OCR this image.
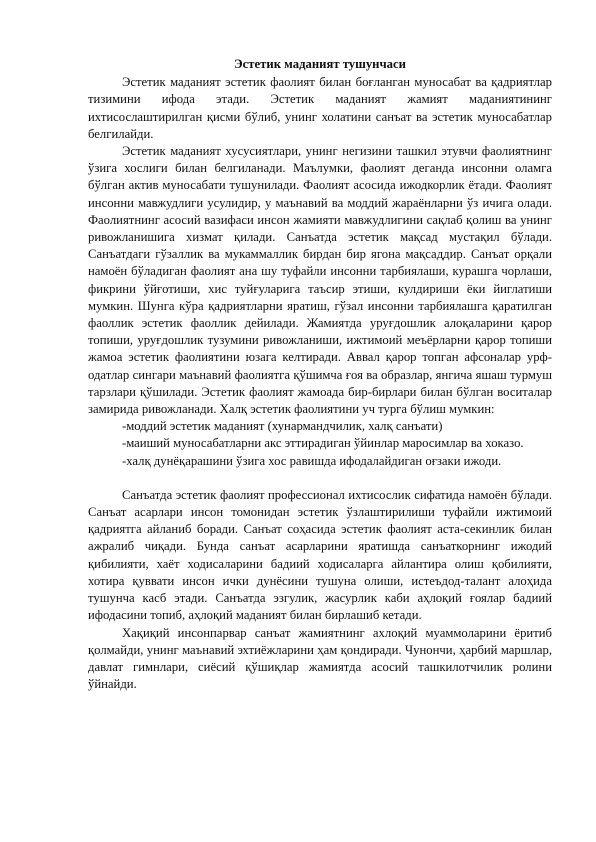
Эстетик маданият тушунчаси

Эстетик маданият эстетик фаолият билан боғланган муносабат ва қадриятлар тизимини ифода этади. Эстетик маданият жамият маданиятининг ихтисослаштирилган қисми бўлиб, унинг холатини санъат ва эстетик муносабатлар белгилайди.

Эстетик маданият хусусиятлари, унинг негизини ташкил этувчи фаолиятнинг ўзига хослиги билан белгиланади. Маълумки, фаолият деганда инсонни оламга бўлган актив муносабати тушунилади. Фаолият асосида ижодкорлик ётади. Фаолият инсонни мавжудлиги усулидир, у маънавий ва моддий жараёнларни ўз ичига олади. Фаолиятнинг асосий вазифаси инсон жамияти мавжудлигини сақлаб қолиш ва унинг ривожланишига хизмат қилади. Санъатда эстетик мақсад мустақил бўлади. Санъатдаги гўзаллик ва мукаммаллик бирдан бир ягона мақсаддир. Санъат орқали намоён бўладиган фаолият ана шу туфайли инсонни тарбиялаши, курашга чорлаши, фикрини ўйғотиши, хис туйғуларига таъсир этиши, кулдириши ёки йиглатиши мумкин. Шунга кўра қадриятларни яратиш, гўзал инсонни тарбиялашга қаратилган фаоллик эстетик фаоллик дейилади. Жамиятда уруғдошлик алоқаларини қарор топиши, уруғдошлик тузумини ривожланиши, ижтимоий меъёрларни қарор топиши жамоа эстетик фаолиятини юзага келтиради. Аввал қарор топган афсоналар урф-одатлар сингари маънавий фаолиятга қўшимча ғоя ва образлар, янгича яшаш турмуш тарзлари қўшилади. Эстетик фаолият жамоада бир-бирлари билан бўлган воситалар замирида ривожланади. Халқ эстетик фаолиятини уч турга бўлиш мумкин:

-моддий эстетик маданият (хунармандчилик, халқ санъати)

-маиший муносабатларни акс эттирадиган ўйинлар маросимлар ва хоказо.

-халқ дунёқарашини ўзига хос равишда ифодалайдиган оғзаки ижоди.

Санъатда эстетик фаолият профессионал ихтисослик сифатида намоён бўлади. Санъат асарлари инсон томонидан эстетик ўзлаштирилиши туфайли ижтимоий қадриятга айланиб боради. Санъат соҳасида эстетик фаолият аста-секинлик билан ажралиб чиқади. Бунда санъат асарларини яратишда санъаткорнинг ижодий қибилияти, хаёт ходисаларини бадиий ходисаларга айлантира олиш қобилияти, хотира қуввати инсон ички дунёсини тушуна олиши, истеъдод-талант алоҳида тушунча касб этади. Санъатда эзгулик, жасурлик каби аҳлоқий ғоялар бадиий ифодасини топиб, аҳлоқий маданият билан бирлашиб кетади.

Хақиқий инсонпарвар санъат жамиятнинг ахлоқий муаммоларини ёритиб қолмайди, унинг маънавий эхтиёжларини ҳам қондиради. Чунончи, ҳарбий маршлар, давлат гимнлари, сиёсий қўшиқлар жамиятда асосий ташкилотчилик ролини ўйнайди.
